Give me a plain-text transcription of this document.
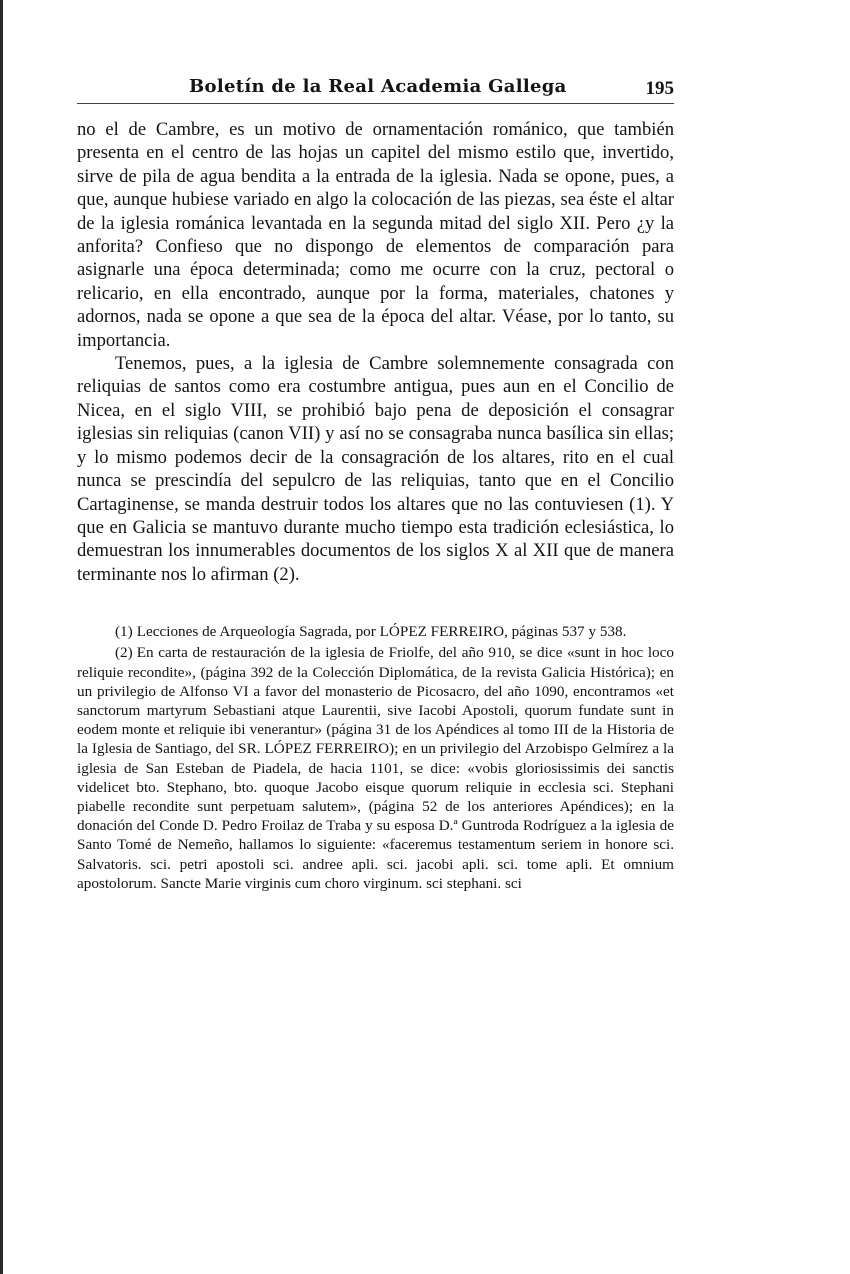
Boletín de la Real Academia Gallega	195

no el de Cambre, es un motivo de ornamentación románico, que también presenta en el centro de las hojas un capitel del mismo estilo que, invertido, sirve de pila de agua bendita a la entrada de la iglesia. Nada se opone, pues, a que, aunque hubiese variado en algo la colocación de las piezas, sea éste el altar de la iglesia románica levantada en la segunda mitad del siglo XII. Pero ¿y la anforita? Confieso que no dispongo de elementos de comparación para asignarle una época determinada; como me ocurre con la cruz, pectoral o relicario, en ella encontrado, aunque por la forma, materiales, chatones y adornos, nada se opone a que sea de la época del altar. Véase, por lo tanto, su importancia.

Tenemos, pues, a la iglesia de Cambre solemnemente consagrada con reliquias de santos como era costumbre antigua, pues aun en el Concilio de Nicea, en el siglo VIII, se prohibió bajo pena de deposición el consagrar iglesias sin reliquias (canon VII) y así no se consagraba nunca basílica sin ellas; y lo mismo podemos decir de la consagración de los altares, rito en el cual nunca se prescindía del sepulcro de las reliquias, tanto que en el Concilio Cartaginense, se manda destruir todos los altares que no las contuviesen (1). Y que en Galicia se mantuvo durante mucho tiempo esta tradición eclesiástica, lo demuestran los innumerables documentos de los siglos X al XII que de manera terminante nos lo afirman (2).

(1) Lecciones de Arqueología Sagrada, por LÓPEZ FERREIRO, páginas 537 y 538.

(2) En carta de restauración de la iglesia de Friolfe, del año 910, se dice «sunt in hoc loco reliquie recondite», (página 392 de la Colección Diplomática, de la revista Galicia Histórica); en un privilegio de Alfonso VI a favor del monasterio de Picosacro, del año 1090, encontramos «et sanctorum martyrum Sebastiani atque Laurentii, sive Iacobi Apostoli, quorum fundate sunt in eodem monte et reliquie ibi venerantur» (página 31 de los Apéndices al tomo III de la Historia de la Iglesia de Santiago, del SR. LÓPEZ FERREIRO); en un privilegio del Arzobispo Gelmírez a la iglesia de San Esteban de Piadela, de hacia 1101, se dice: «vobis gloriosissimis dei sanctis videlicet bto. Stephano, bto. quoque Jacobo eisque quorum reliquie in ecclesia sci. Stephani piabelle recondite sunt perpetuam salutem», (página 52 de los anteriores Apéndices); en la donación del Conde D. Pedro Froilaz de Traba y su esposa D.ª Guntroda Rodríguez a la iglesia de Santo Tomé de Nemeño, hallamos lo siguiente: «faceremus testamentum seriem in honore sci. Salvatoris. sci. petri apostoli sci. andree apli. sci. jacobi apli. sci. tome apli. Et omnium apostolorum. Sancte Marie virginis cum choro virginum. sci stephani. sci
